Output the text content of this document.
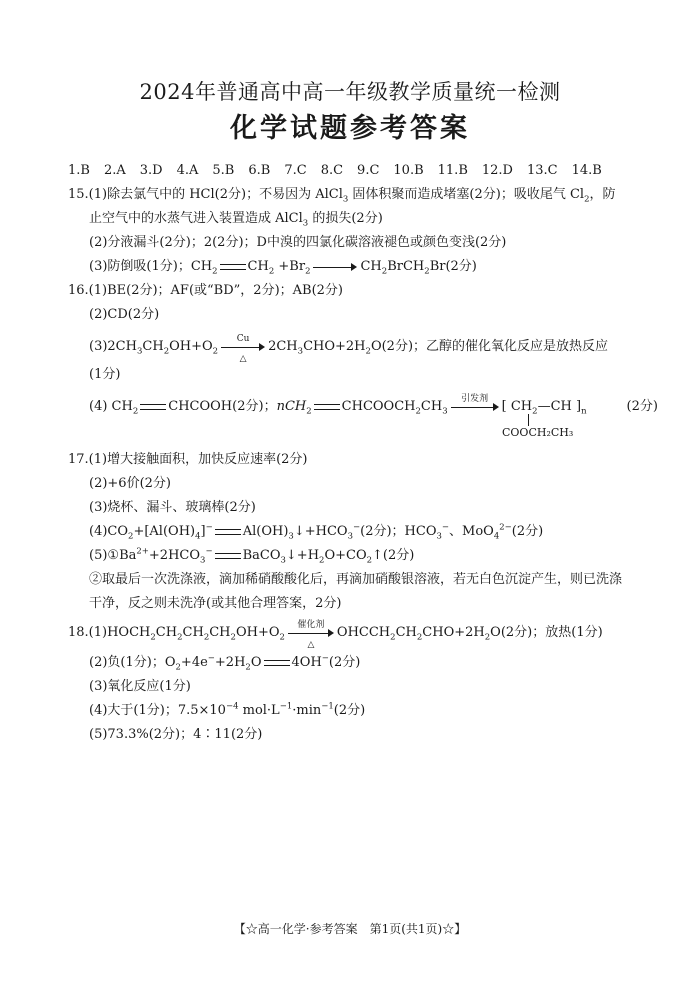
2024年普通高中高一年级教学质量统一检测
化学试题参考答案
1.B 2.A 3.D 4.A 5.B 6.B 7.C 8.C 9.C 10.B 11.B 12.D 13.C 14.B
15.(1)除去氯气中的 HCl(2分)；不易因为 AlCl$_3$ 固体积聚而造成堵塞(2分)；吸收尾气 $Cl_2$，防
止空气中的水蒸气进入装置造成 AlCl$_3$ 的损失(2分)
(2)分液漏斗(2分)；2(2分)；D中溴的四氯化碳溶液褪色或颜色变浅(2分)
(3)防倒吸(1分)；$CH_2$ $CH_2 +Br_2$	$CH_2BrCH_2Br(2$分)
16.(1)BE(2分)；AF(或“BD”，2分)；AB(2分)
(2)CD(2分)
$(3)2CH_3CH_2OH+O_2$
Cu
△
$2CH_3CHO+2H_2O(2$分)；乙醇的催化氧化反应是放热反应
(1分)
(4) $CH_2$ CHCOOH(2分)；nCH$_2$ $CHCOOCH_2CH_3$
引发剂
[ $CH_2—CH$ ]$_n$	(2分)
COOCH₂CH₃
17.(1)增大接触面积，加快反应速率(2分)
(2)+6价(2分)
(3)烧杯、漏斗、玻璃棒(2分)
$(4)CO_2+[Al(OH)_4]^-$ $Al(OH)_3↓+HCO_3^-(2$分)；$HCO_3^-$、MoO$_4^{2-}$(2分)
$(5)①Ba^{2+}+2HCO_3^-$ $BaCO_3↓+H_2O+CO_2↑(2$分)
②取最后一次洗涤液，滴加稀硝酸酸化后，再滴加硝酸银溶液，若无白色沉淀产生，则已洗涤
干净，反之则未洗净(或其他合理答案，2分)
$18.(1)HOCH_2CH_2CH_2CH_2OH+O_2$
催化剂
△
$OHCCH_2CH_2CHO+2H_2O(2$分)；放热(1分)
(2)负(1分)；$O_2+4e^-+2H_2O$ 4OH−(2分)
(3)氧化反应(1分)
(4)大于(1分)；$7.5\times 10^{-4}$ $mol\cdot L^{-1}\cdot\min^{-1}(2$分)
(5)73.3%(2分)；4∶11(2分)
【☆高一化学·参考答案　第1页(共1页)☆】
